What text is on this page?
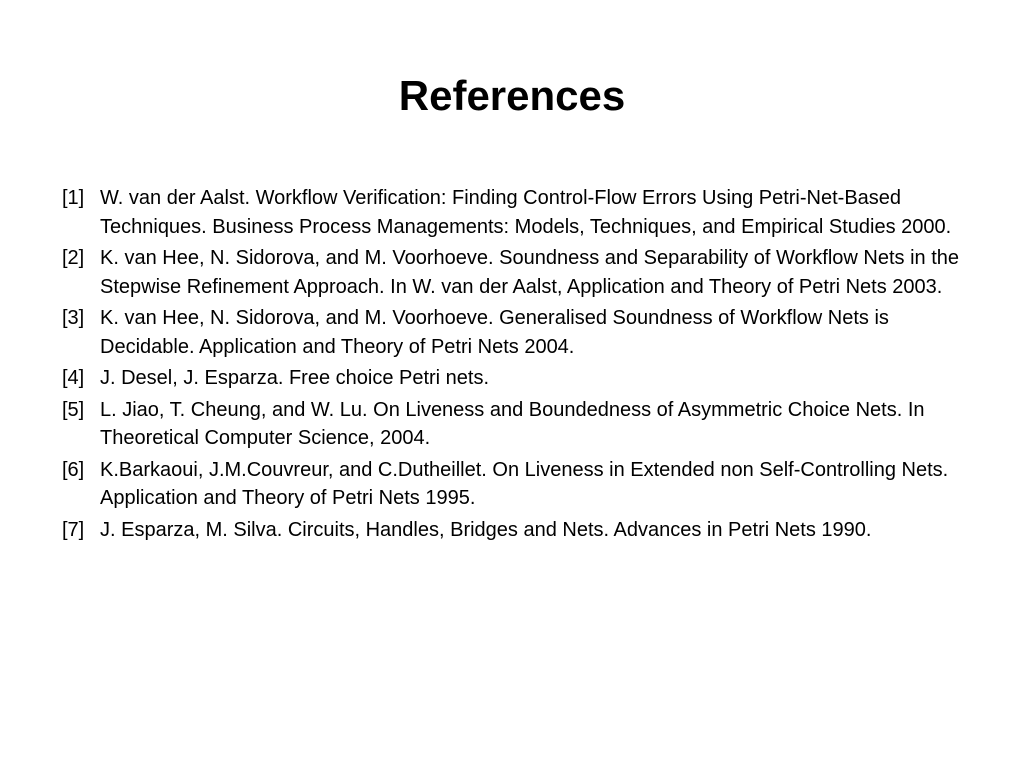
References
[1] W. van der Aalst. Workflow Verification: Finding Control-Flow Errors Using Petri-Net-Based Techniques. Business Process Managements: Models, Techniques, and Empirical Studies 2000.
[2] K. van Hee, N. Sidorova, and M. Voorhoeve. Soundness and Separability of Workflow Nets in the Stepwise Refinement Approach. In W. van der Aalst, Application and Theory of Petri Nets 2003.
[3] K. van Hee, N. Sidorova, and M. Voorhoeve. Generalised Soundness of Workflow Nets is Decidable. Application and Theory of Petri Nets 2004.
[4] J. Desel, J. Esparza. Free choice Petri nets.
[5] L. Jiao, T. Cheung, and W. Lu. On Liveness and Boundedness of Asymmetric Choice Nets. In Theoretical Computer Science, 2004.
[6] K.Barkaoui, J.M.Couvreur, and C.Dutheillet. On Liveness in Extended non Self-Controlling Nets. Application and Theory of Petri Nets 1995.
[7] J. Esparza, M. Silva. Circuits, Handles, Bridges and Nets. Advances in Petri Nets 1990.
